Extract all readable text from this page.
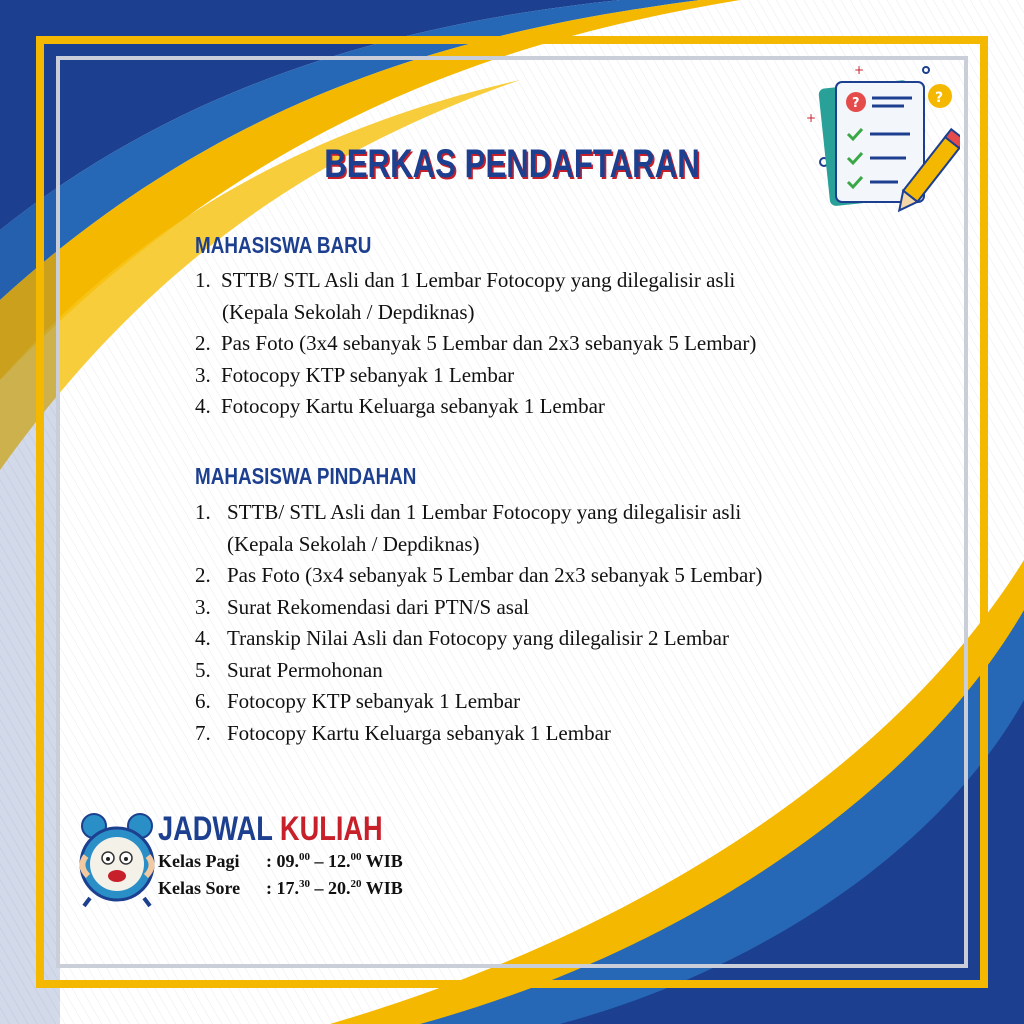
BERKAS PENDAFTARAN
+
+
?	?
MAHASISWA BARU
1. STTB/ STL Asli dan 1 Lembar Fotocopy yang dilegalisir asli
(Kepala Sekolah / Depdiknas)
2. Pas Foto (3x4 sebanyak 5 Lembar dan 2x3 sebanyak 5 Lembar)
3. Fotocopy KTP sebanyak 1 Lembar
4. Fotocopy Kartu Keluarga sebanyak 1 Lembar
MAHASISWA PINDAHAN
1. STTB/ STL Asli dan 1 Lembar Fotocopy yang dilegalisir asli
(Kepala Sekolah / Depdiknas)
2. Pas Foto (3x4 sebanyak 5 Lembar dan 2x3 sebanyak 5 Lembar)
3. Surat Rekomendasi dari PTN/S asal
4. Transkip Nilai Asli dan Fotocopy yang dilegalisir 2 Lembar
5. Surat Permohonan
6. Fotocopy KTP sebanyak 1 Lembar
7. Fotocopy Kartu Keluarga sebanyak 1 Lembar
JADWAL KULIAH
Kelas Pagi : 09.00 – 12.00 WIB
Kelas Sore : 17.30 – 20.20 WIB
